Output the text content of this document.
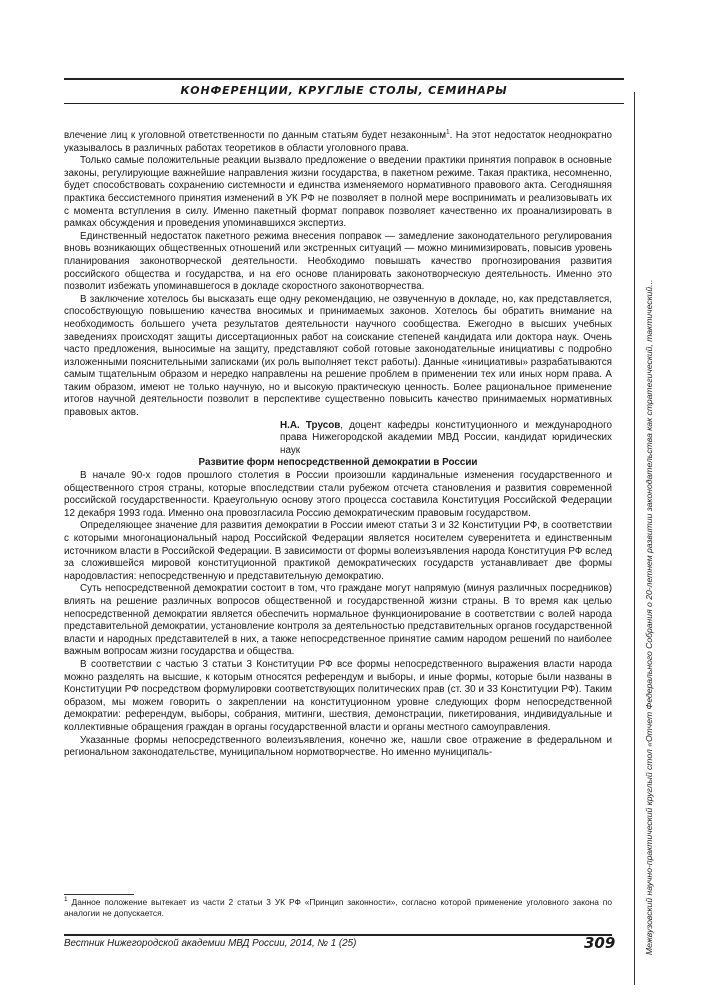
КОНФЕРЕНЦИИ, КРУГЛЫЕ СТОЛЫ, СЕМИНАРЫ
Межвузовский научно-практический круглый стол «Отчет Федерального Собрания о 20-летнем развитии законодательства как стратегический, тактический...

влечение лиц к уголовной ответственности по данным статьям будет незаконным$^1$. На этот недостаток неоднократно указывалось в различных работах теоретиков в области уголовного права.

Только самые положительные реакции вызвало предложение о введении практики принятия поправок в основные законы, регулирующие важнейшие направления жизни государства, в пакетном режиме. Такая практика, несомненно, будет способствовать сохранению системности и единства изменяемого нормативного правового акта. Сегодняшняя практика бессистемного принятия изменений в УК РФ не позволяет в полной мере воспринимать и реализовывать их с момента вступления в силу. Именно пакетный формат поправок позволяет качественно их проанализировать в рамках обсуждения и проведения упоминавшихся экспертиз.

Единственный недостаток пакетного режима внесения поправок — замедление законодательного регулирования вновь возникающих общественных отношений или экстренных ситуаций — можно минимизировать, повысив уровень планирования законотворческой деятельности. Необходимо повышать качество прогнозирования развития российского общества и государства, и на его основе планировать законотворческую деятельность. Именно это позволит избежать упоминавшегося в докладе скоростного законотворчества.

В заключение хотелось бы высказать еще одну рекомендацию, не озвученную в докладе, но, как представляется, способствующую повышению качества вносимых и принимаемых законов. Хотелось бы обратить внимание на необходимость большего учета результатов деятельности научного сообщества. Ежегодно в высших учебных заведениях происходят защиты диссертационных работ на соискание степеней кандидата или доктора наук. Очень часто предложения, выносимые на защиту, представляют собой готовые законодательные инициативы с подробно изложенными пояснительными записками (их роль выполняет текст работы). Данные «инициативы» разрабатываются самым тщательным образом и нередко направлены на решение проблем в применении тех или иных норм права. А таким образом, имеют не только научную, но и высокую практическую ценность. Более рациональное применение итогов научной деятельности позволит в перспективе существенно повысить качество принимаемых нормативных правовых актов.

Н.А. Трусов, доцент кафедры конституционного и международного права Нижегородской академии МВД России, кандидат юридических наук

Развитие форм непосредственной демократии в России

В начале 90-х годов прошлого столетия в России произошли кардинальные изменения государственного и общественного строя страны, которые впоследствии стали рубежом отсчета становления и развития современной российской государственности. Краеугольную основу этого процесса составила Конституция Российской Федерации 12 декабря 1993 года. Именно она провозгласила Россию демократическим правовым государством.

Определяющее значение для развития демократии в России имеют статьи 3 и 32 Конституции РФ, в соответствии с которыми многонациональный народ Российской Федерации является носителем суверенитета и единственным источником власти в Российской Федерации. В зависимости от формы волеизъявления народа Конституция РФ вслед за сложившейся мировой конституционной практикой демократических государств устанавливает две формы народовластия: непосредственную и представительную демократию.

Суть непосредственной демократии состоит в том, что граждане могут напрямую (минуя различных посредников) влиять на решение различных вопросов общественной и государственной жизни страны. В то время как целью непосредственной демократии является обеспечить нормальное функционирование в соответствии с волей народа представительной демократии, установление контроля за деятельностью представительных органов государственной власти и народных представителей в них, а также непосредственное принятие самим народом решений по наиболее важным вопросам жизни государства и общества.

В соответствии с частью 3 статьи 3 Конституции РФ все формы непосредственного выражения власти народа можно разделять на высшие, к которым относятся референдум и выборы, и иные формы, которые были названы в Конституции РФ посредством формулировки соответствующих политических прав (ст. 30 и 33 Конституции РФ). Таким образом, мы можем говорить о закреплении на конституционном уровне следующих форм непосредственной демократии: референдум, выборы, собрания, митинги, шествия, демонстрации, пикетирования, индивидуальные и коллективные обращения граждан в органы государственной власти и органы местного самоуправления.

Указанные формы непосредственного волеизъявления, конечно же, нашли свое отражение в федеральном и региональном законодательстве, муниципальном нормотворчестве. Но именно муниципаль-

$^1$ Данное положение вытекает из части 2 статьи 3 УК РФ «Принцип законности», согласно которой применение уголовного закона по аналогии не допускается.
Вестник Нижегородской академии МВД России, 2014, № 1 (25)	309
